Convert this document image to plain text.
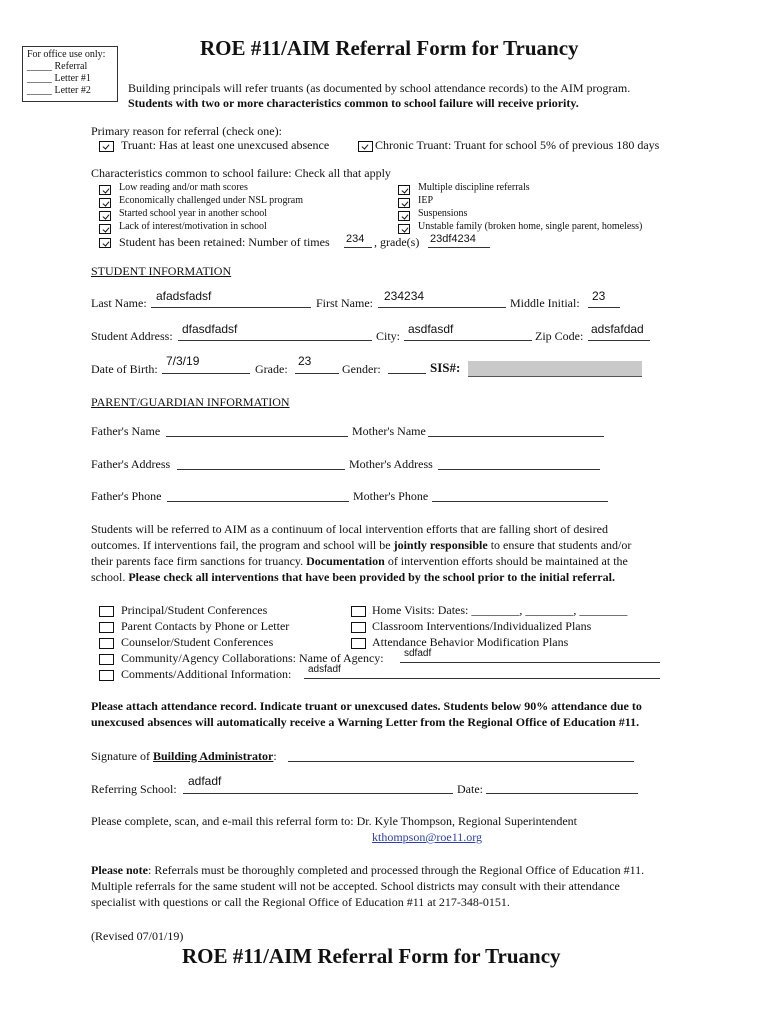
For office use only:
_____ Referral
_____ Letter #1
_____ Letter #2
ROE #11/AIM Referral Form for Truancy
Building principals will refer truants (as documented by school attendance records) to the AIM program.
Students with two or more characteristics common to school failure will receive priority.
Primary reason for referral (check one):
Truant: Has at least one unexcused absence	Chronic Truant: Truant for school 5% of previous 180 days
Characteristics common to school failure: Check all that apply
Low reading and/or math scores
Economically challenged under NSL program
Started school year in another school
Lack of interest/motivation in school
Student has been retained: Number of times 234 , grade(s) 23df4234
Multiple discipline referrals
IEP
Suspensions
Unstable family (broken home, single parent, homeless)
STUDENT INFORMATION
Last Name: afadsfadsf	First Name: 234234	Middle Initial: 23
Student Address: dfasdfadsf	City: asdfasdf	Zip Code: adsfafdad
Date of Birth:
7/3/19
Grade:
23
Gender:	SIS#:
PARENT/GUARDIAN INFORMATION
Father's Name	Mother's Name
Father's Address	Mother's Address
Father's Phone	Mother's Phone
Students will be referred to AIM as a continuum of local intervention efforts that are falling short of desired
outcomes. If interventions fail, the program and school will be jointly responsible to ensure that students and/or
their parents face firm sanctions for truancy. Documentation of intervention efforts should be maintained at the
school. Please check all interventions that have been provided by the school prior to the initial referral.
Principal/Student Conferences
Parent Contacts by Phone or Letter
Counselor/Student Conferences
Community/Agency Collaborations: Name of Agency: sdfadf
Comments/Additional Information: adsfadf
Home Visits: Dates: ________, ________, ________
Classroom Interventions/Individualized Plans
Attendance Behavior Modification Plans
Please attach attendance record. Indicate truant or unexcused dates. Students below 90% attendance due to
unexcused absences will automatically receive a Warning Letter from the Regional Office of Education #11.
Signature of Building Administrator:
Referring School:
adfadf
Date:
Please complete, scan, and e-mail this referral form to: Dr. Kyle Thompson, Regional Superintendent
kthompson@roe11.org
Please note: Referrals must be thoroughly completed and processed through the Regional Office of Education #11.
Multiple referrals for the same student will not be accepted. School districts may consult with their attendance
specialist with questions or call the Regional Office of Education #11 at 217-348-0151.
(Revised 07/01/19)
ROE #11/AIM Referral Form for Truancy
